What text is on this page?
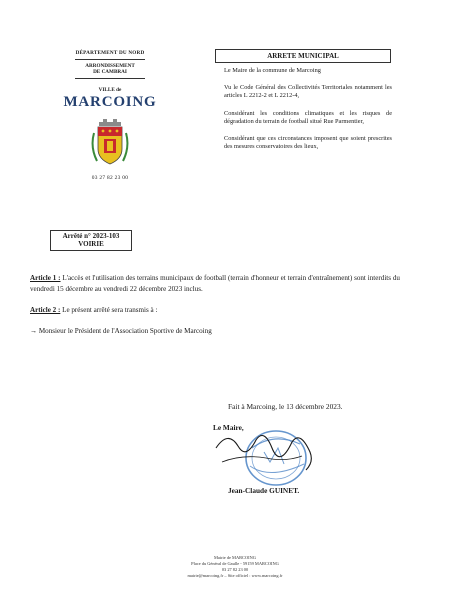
DÉPARTEMENT DU NORD
ARRONDISSEMENT
DE CAMBRAI
VILLE de
MARCOING
03 27 82 23 00
ARRETE MUNICIPAL

Le Maire de la commune de Marcoing

Vu le Code Général des Collectivités Territoriales notamment les articles L 2212-2 et L 2212-4,

Considérant les conditions climatiques et les risques de dégradation du terrain de football situé Rue Parmentier,

Considérant que ces circonstances imposent que soient prescrites des mesures conservatoires des lieux,

Arrêté n° 2023-103
VOIRIE

Article 1 : L'accès et l'utilisation des terrains municipaux de football (terrain d'honneur et terrain d'entraînement) sont interdits du vendredi 15 décembre au vendredi 22 décembre 2023 inclus.

Article 2 : Le présent arrêté sera transmis à :

→ Monsieur le Président de l'Association Sportive de Marcoing

Fait à Marcoing, le 13 décembre 2023.
Le Maire,
Jean-Claude GUINET.
Mairie de MARCOING
Place du Général de Gaulle - 59159 MARCOING
03 27 82 23 00
mairie@marcoing.fr – Site officiel : www.marcoing.fr
